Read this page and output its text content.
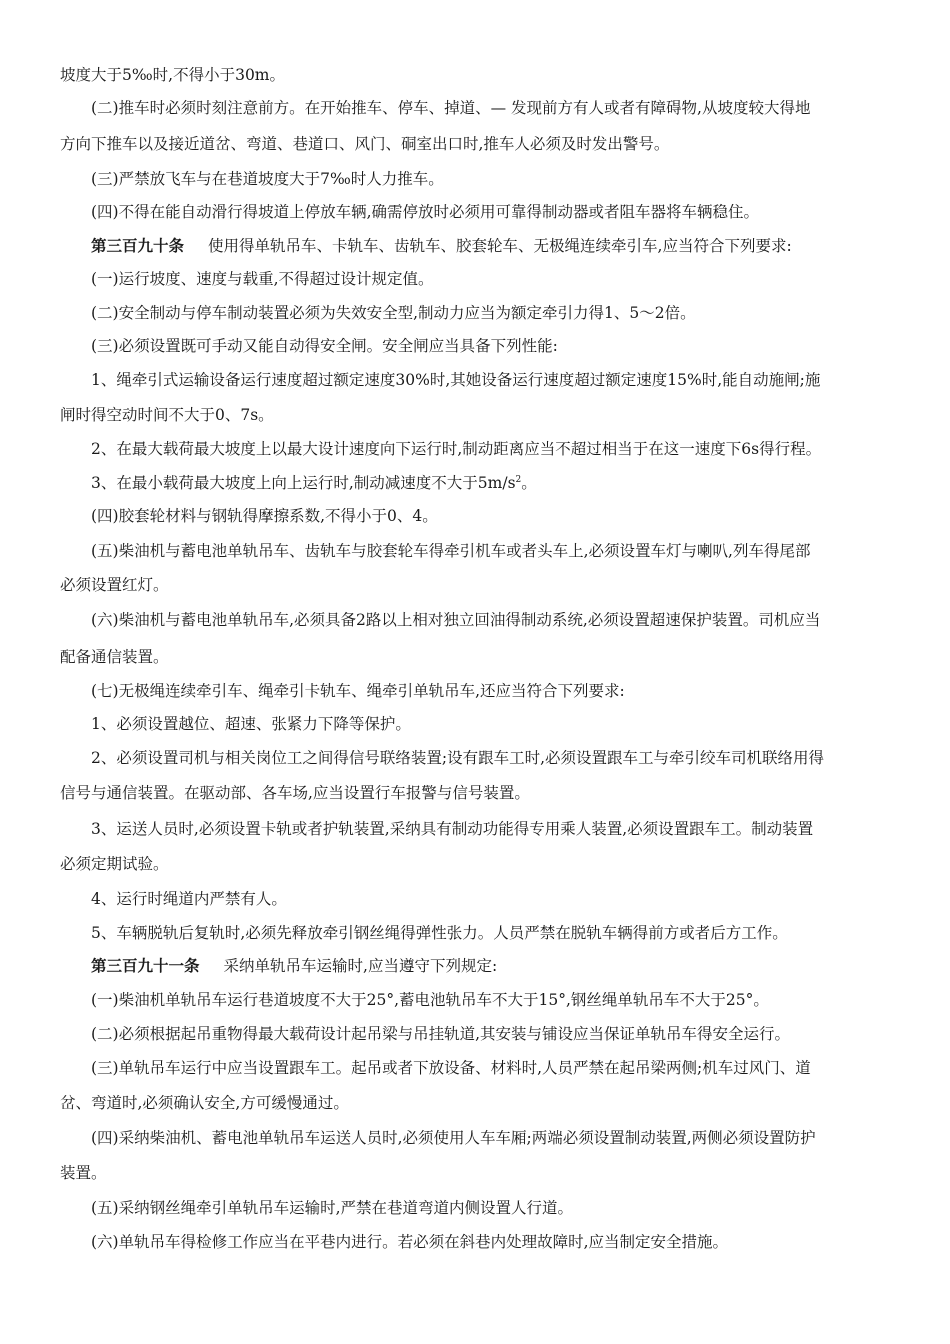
坡度大于5‰时,不得小于30m。
(二)推车时必须时刻注意前方。在开始推车、停车、掉道、— 发现前方有人或者有障碍物,从坡度较大得地
方向下推车以及接近道岔、弯道、巷道口、风门、硐室出口时,推车人必须及时发出警号。
(三)严禁放飞车与在巷道坡度大于7‰时人力推车。
(四)不得在能自动滑行得坡道上停放车辆,确需停放时必须用可靠得制动器或者阻车器将车辆稳住。
第三百九十条 使用得单轨吊车、卡轨车、齿轨车、胶套轮车、无极绳连续牵引车,应当符合下列要求:
(一)运行坡度、速度与载重,不得超过设计规定值。
(二)安全制动与停车制动装置必须为失效安全型,制动力应当为额定牵引力得1、5～2倍。
(三)必须设置既可手动又能自动得安全闸。安全闸应当具备下列性能:
1、绳牵引式运输设备运行速度超过额定速度30%时,其她设备运行速度超过额定速度15%时,能自动施闸;施
闸时得空动时间不大于0、7s。
2、在最大载荷最大坡度上以最大设计速度向下运行时,制动距离应当不超过相当于在这一速度下6s得行程。
3、在最小载荷最大坡度上向上运行时,制动减速度不大于$5m/s^2$。
(四)胶套轮材料与钢轨得摩擦系数,不得小于0、4。
(五)柴油机与蓄电池单轨吊车、齿轨车与胶套轮车得牵引机车或者头车上,必须设置车灯与喇叭,列车得尾部
必须设置红灯。
(六)柴油机与蓄电池单轨吊车,必须具备2路以上相对独立回油得制动系统,必须设置超速保护装置。司机应当
配备通信装置。
(七)无极绳连续牵引车、绳牵引卡轨车、绳牵引单轨吊车,还应当符合下列要求:
1、必须设置越位、超速、张紧力下降等保护。
2、必须设置司机与相关岗位工之间得信号联络装置;设有跟车工时,必须设置跟车工与牵引绞车司机联络用得
信号与通信装置。在驱动部、各车场,应当设置行车报警与信号装置。
3、运送人员时,必须设置卡轨或者护轨装置,采纳具有制动功能得专用乘人装置,必须设置跟车工。制动装置
必须定期试验。
4、运行时绳道内严禁有人。
5、车辆脱轨后复轨时,必须先释放牵引钢丝绳得弹性张力。人员严禁在脱轨车辆得前方或者后方工作。
第三百九十一条 采纳单轨吊车运输时,应当遵守下列规定:
(一)柴油机单轨吊车运行巷道坡度不大于25°,蓄电池轨吊车不大于15°,钢丝绳单轨吊车不大于25°。
(二)必须根据起吊重物得最大载荷设计起吊梁与吊挂轨道,其安装与铺设应当保证单轨吊车得安全运行。
(三)单轨吊车运行中应当设置跟车工。起吊或者下放设备、材料时,人员严禁在起吊梁两侧;机车过风门、道
岔、弯道时,必须确认安全,方可缓慢通过。
(四)采纳柴油机、蓄电池单轨吊车运送人员时,必须使用人车车厢;两端必须设置制动装置,两侧必须设置防护
装置。
(五)采纳钢丝绳牵引单轨吊车运输时,严禁在巷道弯道内侧设置人行道。
(六)单轨吊车得检修工作应当在平巷内进行。若必须在斜巷内处理故障时,应当制定安全措施。
